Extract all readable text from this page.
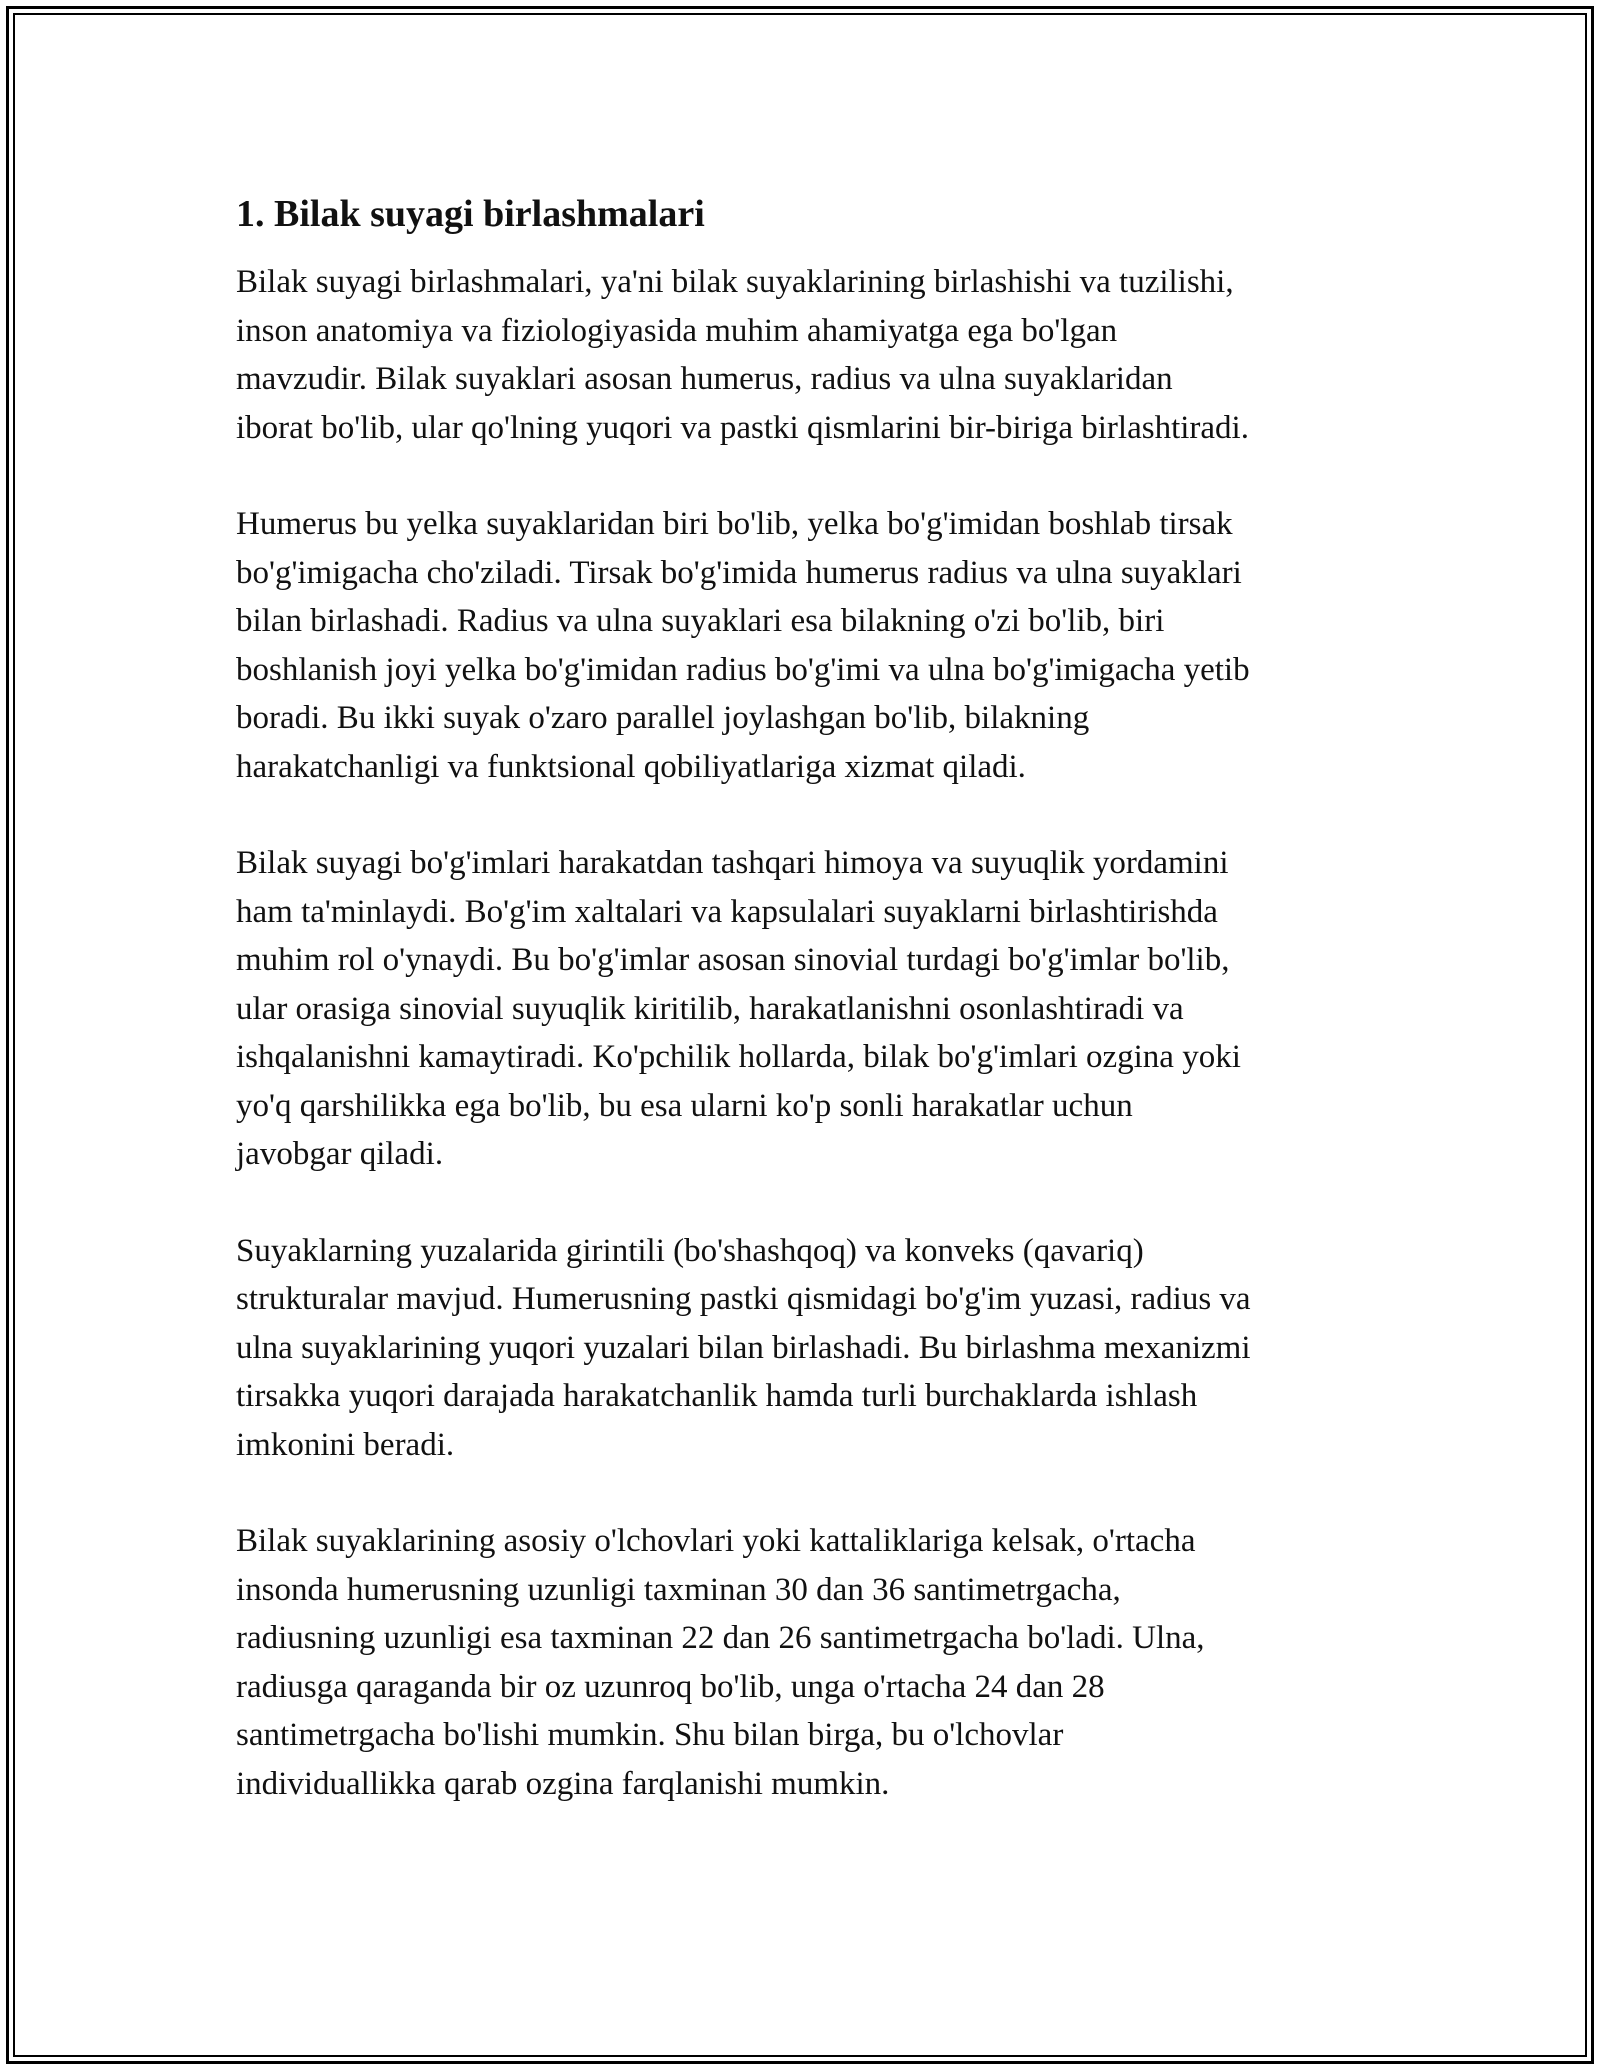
1. Bilak suyagi birlashmalari

Bilak suyagi birlashmalari, ya'ni bilak suyaklarining birlashishi va tuzilishi,
inson anatomiya va fiziologiyasida muhim ahamiyatga ega bo'lgan
mavzudir. Bilak suyaklari asosan humerus, radius va ulna suyaklaridan
iborat bo'lib, ular qo'lning yuqori va pastki qismlarini bir-biriga birlashtiradi.

Humerus bu yelka suyaklaridan biri bo'lib, yelka bo'g'imidan boshlab tirsak
bo'g'imigacha cho'ziladi. Tirsak bo'g'imida humerus radius va ulna suyaklari
bilan birlashadi. Radius va ulna suyaklari esa bilakning o'zi bo'lib, biri
boshlanish joyi yelka bo'g'imidan radius bo'g'imi va ulna bo'g'imigacha yetib
boradi. Bu ikki suyak o'zaro parallel joylashgan bo'lib, bilakning
harakatchanligi va funktsional qobiliyatlariga xizmat qiladi.

Bilak suyagi bo'g'imlari harakatdan tashqari himoya va suyuqlik yordamini
ham ta'minlaydi. Bo'g'im xaltalari va kapsulalari suyaklarni birlashtirishda
muhim rol o'ynaydi. Bu bo'g'imlar asosan sinovial turdagi bo'g'imlar bo'lib,
ular orasiga sinovial suyuqlik kiritilib, harakatlanishni osonlashtiradi va
ishqalanishni kamaytiradi. Ko'pchilik hollarda, bilak bo'g'imlari ozgina yoki
yo'q qarshilikka ega bo'lib, bu esa ularni ko'p sonli harakatlar uchun
javobgar qiladi.

Suyaklarning yuzalarida girintili (bo'shashqoq) va konveks (qavariq)
strukturalar mavjud. Humerusning pastki qismidagi bo'g'im yuzasi, radius va
ulna suyaklarining yuqori yuzalari bilan birlashadi. Bu birlashma mexanizmi
tirsakka yuqori darajada harakatchanlik hamda turli burchaklarda ishlash
imkonini beradi.

Bilak suyaklarining asosiy o'lchovlari yoki kattaliklariga kelsak, o'rtacha
insonda humerusning uzunligi taxminan 30 dan 36 santimetrgacha,
radiusning uzunligi esa taxminan 22 dan 26 santimetrgacha bo'ladi. Ulna,
radiusga qaraganda bir oz uzunroq bo'lib, unga o'rtacha 24 dan 28
santimetrgacha bo'lishi mumkin. Shu bilan birga, bu o'lchovlar
individuallikka qarab ozgina farqlanishi mumkin.
